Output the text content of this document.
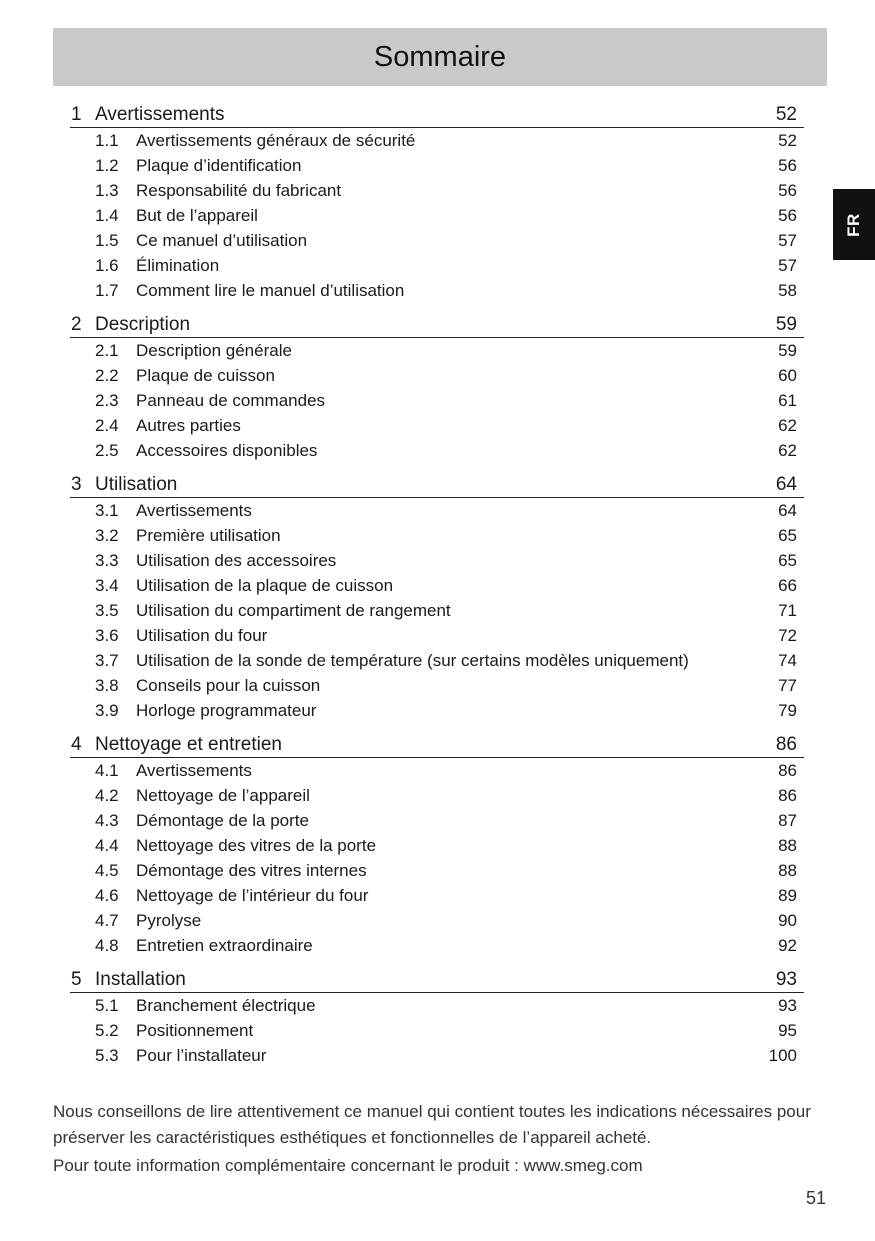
Sommaire
FR
1 Avertissements	52
1.1	Avertissements généraux de sécurité	52
1.2	Plaque d’identification	56
1.3	Responsabilité du fabricant	56
1.4	But de l’appareil	56
1.5	Ce manuel d’utilisation	57
1.6	Élimination	57
1.7	Comment lire le manuel d’utilisation	58
2 Description	59
2.1	Description générale	59
2.2	Plaque de cuisson	60
2.3	Panneau de commandes	61
2.4	Autres parties	62
2.5	Accessoires disponibles	62
3 Utilisation	64
3.1	Avertissements	64
3.2	Première utilisation	65
3.3	Utilisation des accessoires	65
3.4	Utilisation de la plaque de cuisson	66
3.5	Utilisation du compartiment de rangement	71
3.6	Utilisation du four	72
3.7	Utilisation de la sonde de température (sur certains modèles uniquement)	74
3.8	Conseils pour la cuisson	77
3.9	Horloge programmateur	79
4 Nettoyage et entretien	86
4.1	Avertissements	86
4.2	Nettoyage de l’appareil	86
4.3	Démontage de la porte	87
4.4	Nettoyage des vitres de la porte	88
4.5	Démontage des vitres internes	88
4.6	Nettoyage de l’intérieur du four	89
4.7	Pyrolyse	90
4.8	Entretien extraordinaire	92
5 Installation	93
5.1	Branchement électrique	93
5.2	Positionnement	95
5.3	Pour l’installateur	100

Nous conseillons de lire attentivement ce manuel qui contient toutes les indications nécessaires pour préserver les caractéristiques esthétiques et fonctionnelles de l’appareil acheté.

Pour toute information complémentaire concernant le produit : www.smeg.com

51
